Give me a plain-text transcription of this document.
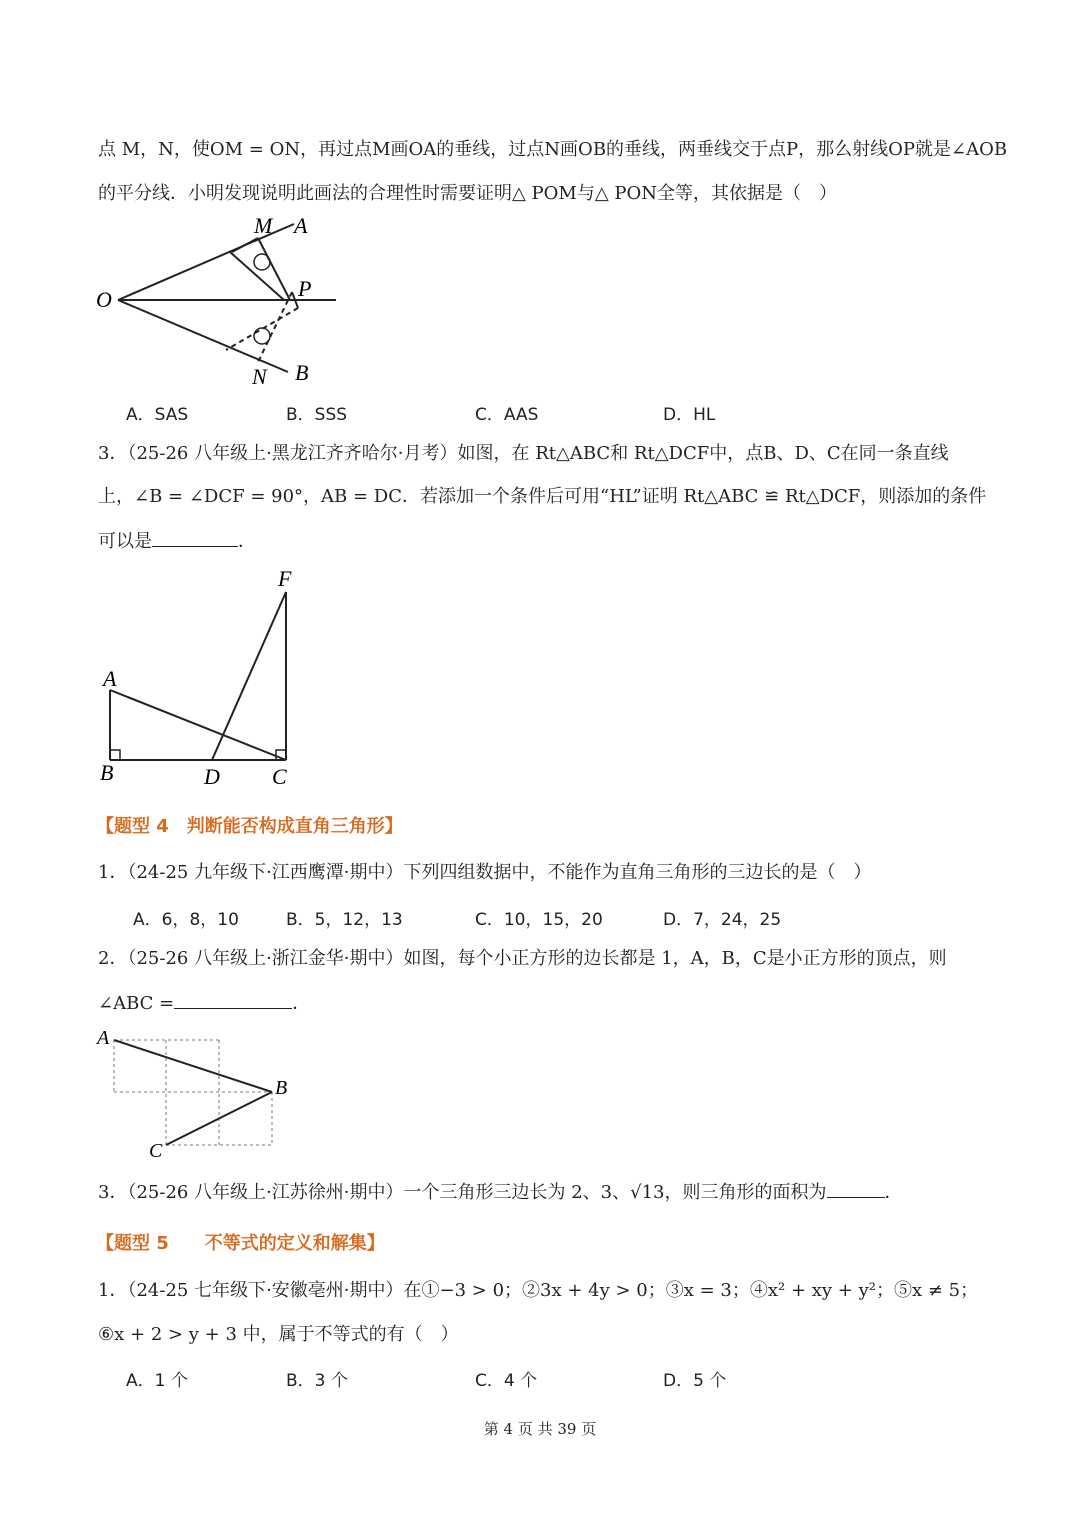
点 M，N，使OM = ON，再过点M画OA的垂线，过点N画OB的垂线，两垂线交于点P，那么射线OP就是∠AOB
的平分线．小明发现说明此画法的合理性时需要证明△ POM与△ PON全等，其依据是（　）
M A
O	P
N B
A．SAS	B．SSS	C．AAS	D．HL
3．（25-26 八年级上·黑龙江齐齐哈尔·月考）如图，在 Rt△ABC和 Rt△DCF中，点B、D、C在同一条直线
上，∠B = ∠DCF = 90°，AB = DC．若添加一个条件后可用“HL”证明 Rt△ABC ≌ Rt△DCF，则添加的条件
可以是	．
F
A
B	D C
【题型 4　判断能否构成直角三角形】
1．（24-25 九年级下·江西鹰潭·期中）下列四组数据中，不能作为直角三角形的三边长的是（　）
A．6，8，10	B．5，12，13	C．10，15，20	D．7，24，25
2．（25-26 八年级上·浙江金华·期中）如图，每个小正方形的边长都是 1，A，B，C是小正方形的顶点，则
∠ABC =	．
A
B
C
3．（25-26 八年级上·江苏徐州·期中）一个三角形三边长为 2、3、√13，则三角形的面积为	．
【题型 5　　不等式的定义和解集】
1．（24-25 七年级下·安徽亳州·期中）在①−3 > 0；②3x + 4y > 0；③x = 3；④x² + xy + y²；⑤x ≠ 5；
⑥x + 2 > y + 3 中，属于不等式的有（　）
A．1 个	B．3 个	C．4 个	D．5 个
第 4 页 共 39 页
